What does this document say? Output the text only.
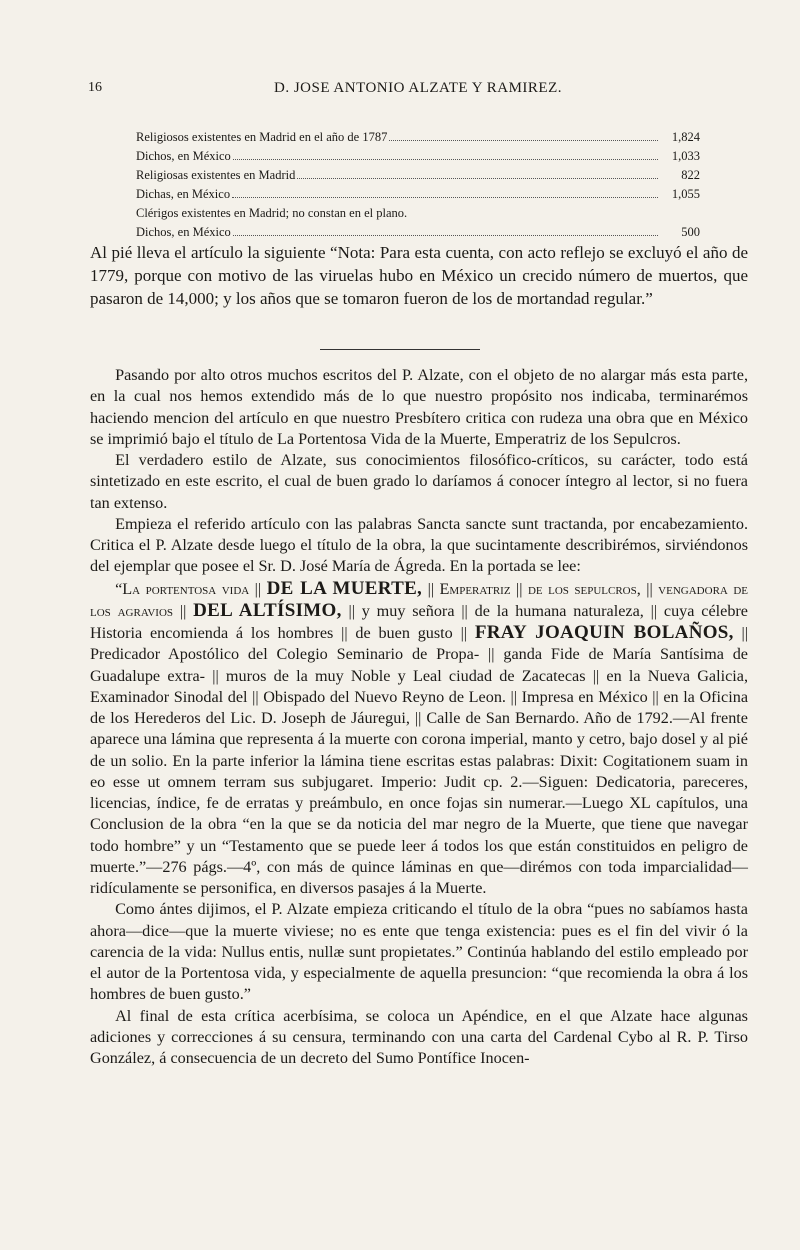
16	D. JOSE ANTONIO ALZATE Y RAMIREZ.
Religiosos existentes en Madrid en el año de 1787	1,824
Dichos, en México	1,033
Religiosas existentes en Madrid	822
Dichas, en México	1,055
Clérigos existentes en Madrid; no constan en el plano.
Dichos, en México	500
Al pié lleva el artículo la siguiente “Nota: Para esta cuenta, con acto reflejo se excluyó el año de 1779, porque con motivo de las viruelas hubo en México un crecido número de muertos, que pasaron de 14,000; y los años que se tomaron fueron de los de mortandad regular.”

Pasando por alto otros muchos escritos del P. Alzate, con el objeto de no alargar más esta parte, en la cual nos hemos extendido más de lo que nuestro propósito nos indicaba, terminarémos haciendo mencion del artículo en que nuestro Presbítero critica con rudeza una obra que en México se imprimió bajo el título de La Portentosa Vida de la Muerte, Emperatriz de los Sepulcros.

El verdadero estilo de Alzate, sus conocimientos filosófico-críticos, su carácter, todo está sintetizado en este escrito, el cual de buen grado lo daríamos á conocer íntegro al lector, si no fuera tan extenso.

Empieza el referido artículo con las palabras Sancta sancte sunt tractanda, por encabezamiento. Critica el P. Alzate desde luego el título de la obra, la que sucintamente describirémos, sirviéndonos del ejemplar que posee el Sr. D. José María de Ágreda. En la portada se lee:

“La portentosa vida || DE LA MUERTE, || Emperatriz || de los sepulcros, || vengadora de los agravios || DEL ALTÍSIMO, || y muy señora || de la humana naturaleza, || cuya célebre Historia encomienda á los hombres || de buen gusto || FRAY JOAQUIN BOLAÑOS, || Predicador Apostólico del Colegio Seminario de Propa- || ganda Fide de María Santísima de Guadalupe extra- || muros de la muy Noble y Leal ciudad de Zacatecas || en la Nueva Galicia, Examinador Sinodal del || Obispado del Nuevo Reyno de Leon. || Impresa en México || en la Oficina de los Herederos del Lic. D. Joseph de Jáuregui, || Calle de San Bernardo. Año de 1792.—Al frente aparece una lámina que representa á la muerte con corona imperial, manto y cetro, bajo dosel y al pié de un solio. En la parte inferior la lámina tiene escritas estas palabras: Dixit: Cogitationem suam in eo esse ut omnem terram sus subjugaret. Imperio: Judit cp. 2.—Siguen: Dedicatoria, pareceres, licencias, índice, fe de erratas y preámbulo, en once fojas sin numerar.—Luego XL capítulos, una Conclusion de la obra “en la que se da noticia del mar negro de la Muerte, que tiene que navegar todo hombre” y un “Testamento que se puede leer á todos los que están constituidos en peligro de muerte.”—276 págs.—4º, con más de quince láminas en que—dirémos con toda imparcialidad—ridículamente se personifica, en diversos pasajes á la Muerte.

Como ántes dijimos, el P. Alzate empieza criticando el título de la obra “pues no sabíamos hasta ahora—dice—que la muerte viviese; no es ente que tenga existencia: pues es el fin del vivir ó la carencia de la vida: Nullus entis, nullæ sunt propietates.” Continúa hablando del estilo empleado por el autor de la Portentosa vida, y especialmente de aquella presuncion: “que recomienda la obra á los hombres de buen gusto.”

Al final de esta crítica acerbísima, se coloca un Apéndice, en el que Alzate hace algunas adiciones y correcciones á su censura, terminando con una carta del Cardenal Cybo al R. P. Tirso González, á consecuencia de un decreto del Sumo Pontífice Inocen-
